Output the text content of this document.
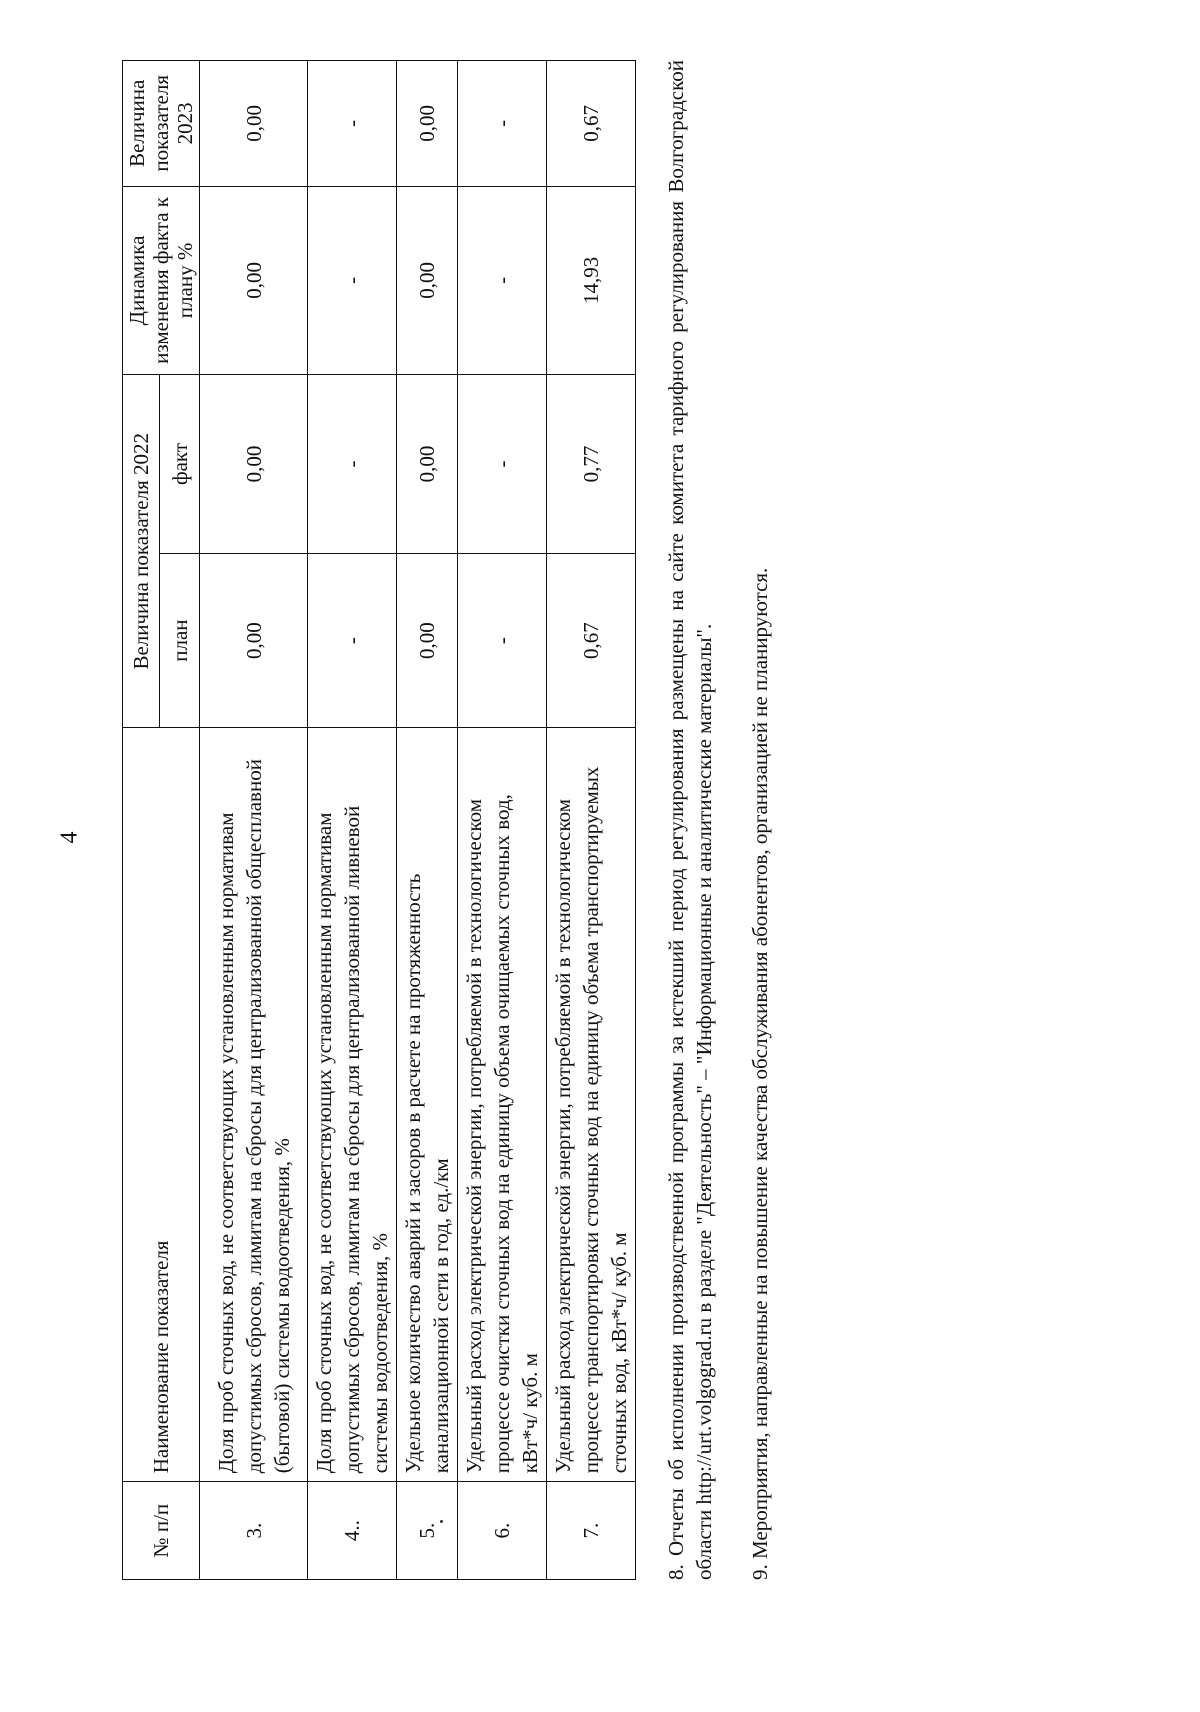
4
№ п/п	Наименование показателя	Величина показателя 2022		Динамика изменения факта к плану %	Величина показателя 2023
		план	факт		
3.	Доля проб сточных вод, не соответствующих установленным нормативам допустимых сбросов, лимитам на сбросы для централизованной общесплавной (бытовой) системы водоотведения, %	0,00	0,00	0,00	0,00
4..	Доля проб сточных вод, не соответствующих установленным нормативам допустимых сбросов, лимитам на сбросы для централизованной ливневой системы водоотведения, %	-	-	-	-
5.	Удельное количество аварий и засоров в расчете на протяженность канализационной сети в год, ед./км	0,00	0,00	0,00	0,00
6.	Удельный расход электрической энергии, потребляемой в технологическом процессе очистки сточных вод на единицу объема очищаемых сточных вод, кВт*ч/ куб. м	-	-	-	-
7.	Удельный расход электрической энергии, потребляемой в технологическом процессе транспортировки сточных вод на единицу объема транспортируемых сточных вод, кВт*ч/ куб. м	0,67	0,77	14,93	0,67	8. Отчеты об исполнении производственной программы за истекший период регулирования размещены на сайте комитета тарифного регулирования Волгоградской области http://urt.volgograd.ru в разделе "Деятельность" – "Информационные и аналитические материалы". 9. Мероприятия, направленные на повышение качества обслуживания абонентов, организацией не планируются.
